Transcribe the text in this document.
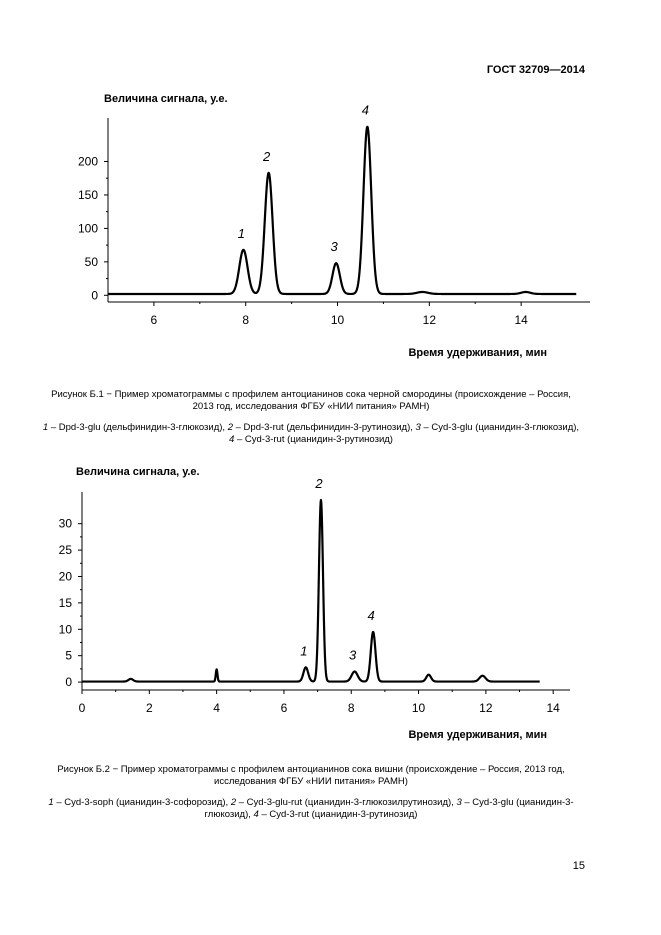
ГОСТ 32709—2014
Величина сигнала, у.е.
0
50
100
150
200
6	8	10	12	14
1
2
3
4
Время удерживания, мин
Рисунок Б.1 − Пример хроматограммы с профилем антоцианинов сока черной смородины (происхождение – Россия, 2013 год, исследования ФГБУ «НИИ питания» РАМН)
1 – Dpd-3-glu (дельфинидин-3-глюкозид), 2 – Dpd-3-rut (дельфинидин-3-рутинозид), 3 – Cyd-3-glu (цианидин-3-глюкозид), 4 – Cyd-3-rut (цианидин-3-рутинозид)
Величина сигнала, у.е.
0
5
10
15
20
25
30
0	2	4	6	8	10	12	14
1
2
3
4
Время удерживания, мин
Рисунок Б.2 − Пример хроматограммы с профилем антоцианинов сока вишни (происхождение – Россия, 2013 год, исследования ФГБУ «НИИ питания» РАМН)
1 – Cyd-3-soph (цианидин-3-софорозид), 2 – Cyd-3-glu-rut (цианидин-3-глюкозилрутинозид), 3 – Cyd-3-glu (цианидин-3-глюкозид), 4 – Cyd-3-rut (цианидин-3-рутинозид)
15
